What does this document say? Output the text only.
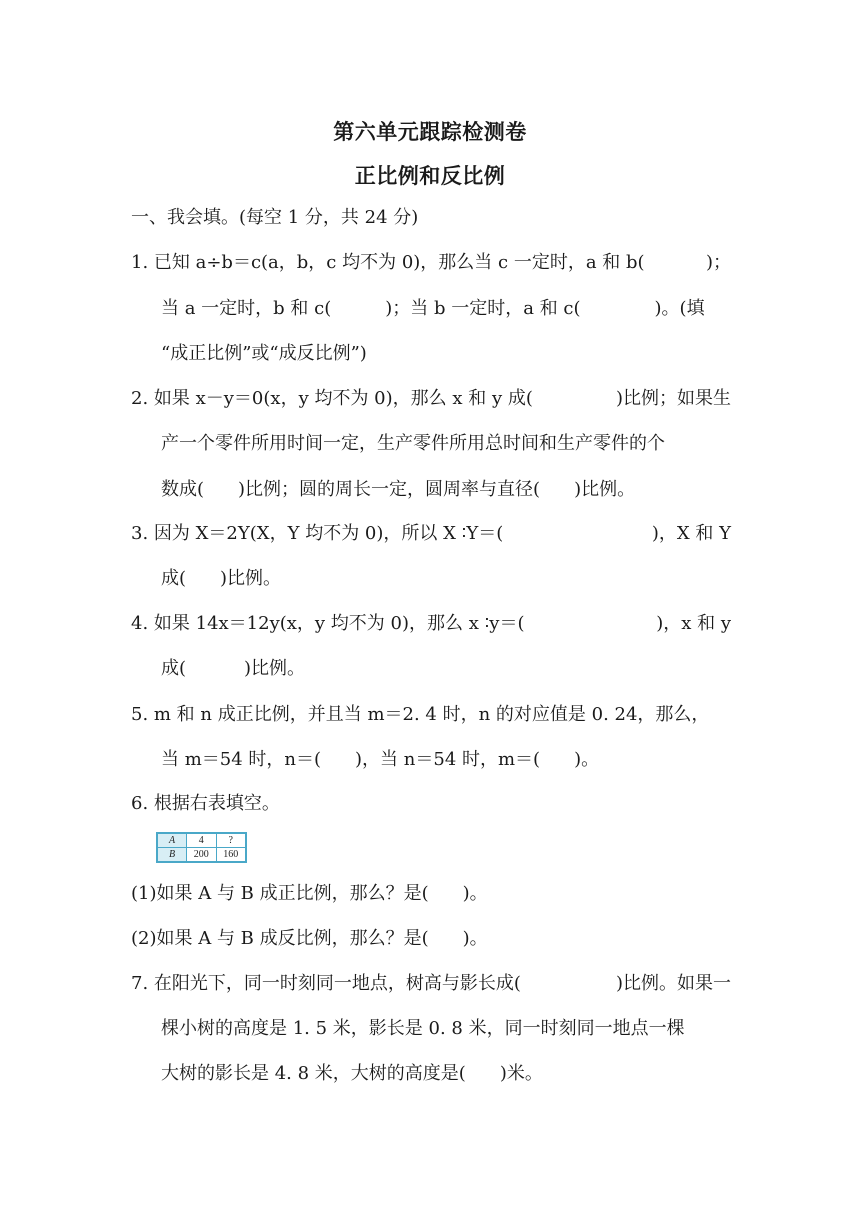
第六单元跟踪检测卷
正比例和反比例
一、我会填。(每空 1 分，共 24 分)
1. 已知 a÷b＝c(a，b，c 均不为 0)，那么当 c 一定时，a 和 b(	)；
当 a 一定时，b 和 c(	)；当 b 一定时，a 和 c(	)。(填
“成正比例”或“成反比例”)
2. 如果 x－y＝0(x，y 均不为 0)，那么 x 和 y 成(	)比例；如果生
产一个零件所用时间一定，生产零件所用总时间和生产零件的个
数成( )比例；圆的周长一定，圆周率与直径( )比例。
3. 因为 X＝2Y(X，Y 均不为 0)，所以 X ∶Y＝(	)，X 和 Y
成( )比例。
4. 如果 14x＝12y(x，y 均不为 0)，那么 x ∶y＝(	)，x 和 y
成(	)比例。
5. m 和 n 成正比例，并且当 m＝2. 4 时，n 的对应值是 0. 24，那么，
当 m＝54 时，n＝( )，当 n＝54 时，m＝( )。
6. 根据右表填空。
A	4	?
B	200	160
(1)如果 A 与 B 成正比例，那么？是( )。
(2)如果 A 与 B 成反比例，那么？是( )。
7. 在阳光下，同一时刻同一地点，树高与影长成(	)比例。如果一
棵小树的高度是 1. 5 米，影长是 0. 8 米，同一时刻同一地点一棵
大树的影长是 4. 8 米，大树的高度是( )米。
